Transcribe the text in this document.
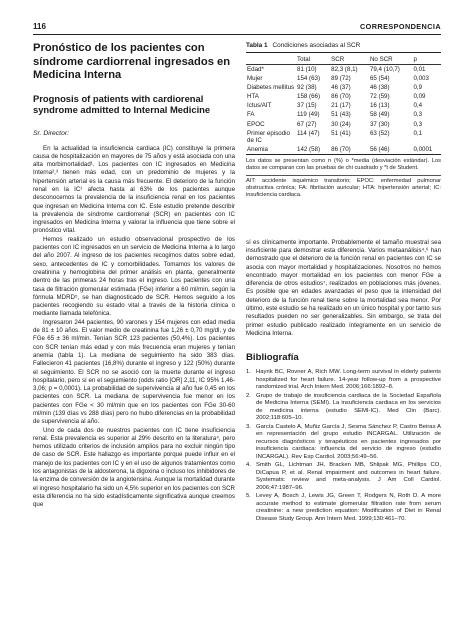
116	CORRESPONDENCIA
Pronóstico de los pacientes con síndrome cardiorrenal ingresados en Medicina Interna
Prognosis of patients with cardiorenal syndrome admitted to Internal Medicine
Sr. Director:

En la actualidad la insuficiencia cardiaca (IC) constituye la primera causa de hospitalización en mayores de 75 años y está asociada con una alta morbimortalidad¹. Los pacientes con IC ingresados en Medicina Interna²,³ tienen más edad, con un predominio de mujeres y la hipertensión arterial es la causa más frecuente. El deterioro de la función renal en la IC¹ afecta hasta al 63% de los pacientes aunque desconocemos la prevalencia de la insuficiencia renal en los pacientes que ingresan en Medicina Interna con IC. Este estudio pretende describir la prevalencia de síndrome cardiorrenal (SCR) en pacientes con IC ingresados en Medicina Interna y valorar la influencia que tiene sobre el pronóstico vital.

Hemos realizado un estudio observacional prospectivo de los pacientes con IC ingresados en un servicio de Medicina Interna a lo largo del año 2007. Al ingreso de los pacientes recogimos datos sobre edad, sexo, antecedentes de IC y comorbilidades. Tomamos los valores de creatinina y hemoglobina del primer análisis en planta, generalmente dentro de las primeras 24 horas tras el ingreso. Los pacientes con una tasa de filtración glomerular estimada (FGe) inferior a 60 ml/min, según la fórmula MDRD⁵, se han diagnosticado de SCR. Hemos seguido a los pacientes recogiendo su estado vital a través de la historia clínica o mediante llamada telefónica.

Ingresaron 244 pacientes, 90 varones y 154 mujeres con edad media de 81 ± 10 años. El valor medio de creatinina fue 1,26 ± 0,70 mg/dl, y de FGe 65 ± 36 ml/min. Tenían SCR 123 pacientes (50,4%). Los pacientes con SCR tenían más edad y con más frecuencia eran mujeres y tenían anemia (tabla 1). La mediana de seguimiento ha sido 383 días. Fallecieron 41 pacientes (16,8%) durante el ingreso y 122 (50%) durante el seguimiento. El SCR no se asoció con la muerte durante el ingreso hospitalario, pero sí en el seguimiento (odds ratio [OR] 2,11, IC 95% 1,46-3,06; p = 0,0001). La probabilidad de supervivencia al año fue 0,45 en los pacientes con SCR. La mediana de supervivencia fue menor en los pacientes con FGe < 30 ml/min que en los pacientes con FGe 30-60 ml/min (139 días vs 288 días) pero no hubo diferencias en la probabilidad de supervivencia al año.

Uno de cada dos de nuestros pacientes con IC tiene insuficiencia renal. Esta prevalencia es superior al 29% descrito en la literatura⁴, pero hemos utilizado criterios de inclusión amplios para no excluir ningún tipo de caso de SCR. Este hallazgo es importante porque puede influir en el manejo de los pacientes con IC y en el uso de algunos tratamientos como los antagonistas de la aldosterona, la digoxina o incluso los inhibidores de la enzima de conversión de la angiotensina. Aunque la mortalidad durante el ingreso hospitalario ha sido un 4,5% superior en los pacientes con SCR esta diferencia no ha sido estadísticamente significativa aunque creemos que

Tabla 1 Condiciones asociadas al SCR
	Total	SCR	No SCR	p
Edad*	81 (10)	82,3 (8,1)	79,4 (10,7)	0,01
Mujer	154 (63)	89 (72)	65 (54)	0,003
Diabetes mellitus	92 (38)	46 (37)	46 (38)	0,9
HTA	158 (66)	86 (70)	72 (59)	0,09
Ictus/AIT	37 (15)	21 (17)	16 (13)	0,4
FA	119 (49)	51 (43)	58 (49)	0,3
EPOC	67 (27)	30 (24)	37 (30)	0,3
Primer episodio de IC	114 (47)	51 (41)	63 (52)	0,1
Anemia	142 (58)	86 (70)	56 (46)	0,0001

Los datos se presentan como n (%) o *media (desviación estándar). Los datos se comparan con las pruebas de chi cuadrado y *t de Student.

AIT: accidente isquémico transitorio; EPOC: enfermedad pulmonar obstructiva crónica; FA: fibrilación auricular; HTA: hipertensión arterial; IC: insuficiencia cardiaca.

sí es clínicamente importante. Probablemente el tamaño muestral sea insuficiente para demostrar esta diferencia. Varios metaanálisis⁴,⁶ han demostrado que el deterioro de la función renal en pacientes con IC se asocia con mayor mortalidad y hospitalizaciones. Nosotros no hemos encontrado mayor mortalidad en los pacientes con menor FGe a diferencia de otros estudios⁷, realizados en poblaciones más jóvenes. Es posible que en edades avanzadas el peso que la intensidad del deterioro de la función renal tiene sobre la mortalidad sea menor. Por último, este estudio se ha realizado en un único hospital y por tanto sus resultados pueden no ser generalizables. Sin embargo, se trata del primer estudio publicado realizado íntegramente en un servicio de Medicina Interna.

Bibliografía
1. Hayrik BC, Rovner A, Rich MW. Long-term survival in elderly patients hospitalized for heart failure. 14-year follow-up from a prospective randomized trial. Arch Intern Med. 2006;166:1892–8.
2. Grupo de trabajo de insuficiencia cardiaca de la Sociedad Española de Medicina Interna (SEMI). La insuficiencia cardiaca en los servicios de medicina interna (estudio SEMI-IC). Med Clin (Barc). 2002;118:605–10.
3. García Castelo A, Muñiz García J, Sesma Sánchez P, Castro Beiras A en representación del grupo estudio INCARGAL. Utilización de recursos diagnósticos y terapéuticos en pacientes ingresados por insuficiencia cardiaca: influencia del servicio de ingreso (estudio INCARGAL). Rev Esp Cardiol. 2003;56:49–56.
4. Smith GL, Lichtman JH, Bracken MB, Shlipak MG, Phillips CO, DiCapua P, et al. Renal impairment and outcomes in heart failure. Systematic review and meta-analysis. J Am Coll Cardiol. 2006;47:1987–96.
5. Levey A, Bosch J, Lewis JG, Green T, Rodgers N, Roth D. A more accurate method to estimate glomerular filtration rate from serum creatinine: a new prediction equation: Modification of Diet in Renal Disease Study Group. Ann Intern Med. 1999;130:461–70.
